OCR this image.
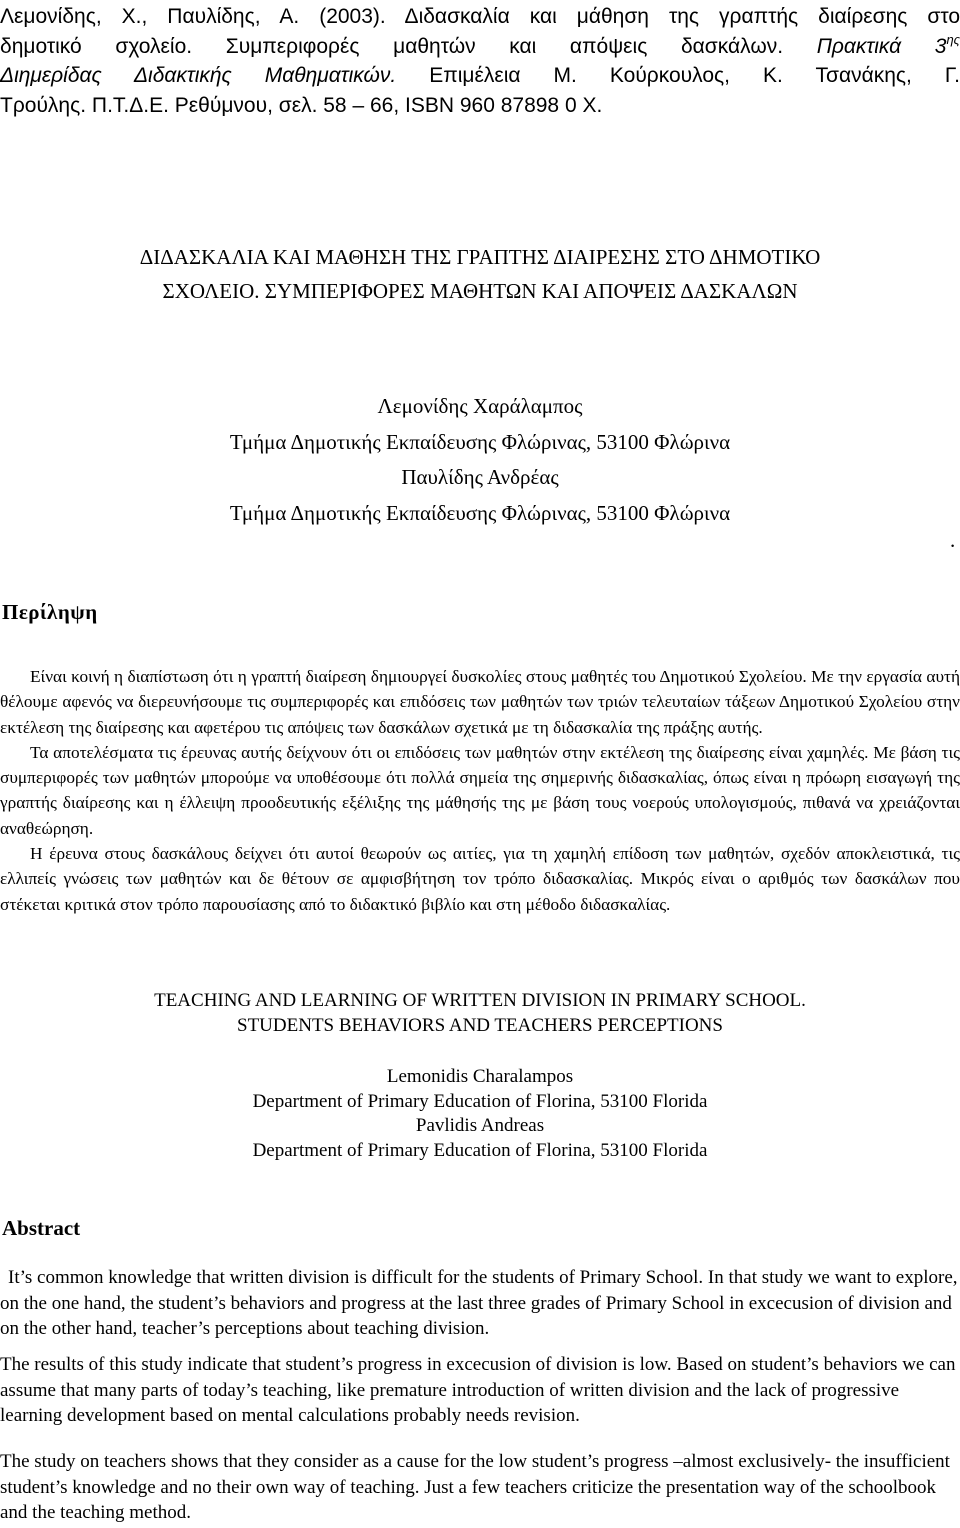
Λεμονίδης, Χ., Παυλίδης, Α. (2003). Διδασκαλία και μάθηση της γραπτής διαίρεσης στο
δημοτικό σχολείο. Συμπεριφορές μαθητών και απόψεις δασκάλων. Πρακτικά $3^{\eta\varsigma}$
Διημερίδας Διδακτικής Μαθηματικών. Επιμέλεια Μ. Κούρκουλος, Κ. Τσανάκης, Γ.
Τρούλης. Π.Τ.Δ.Ε. Ρεθύμνου, σελ. 58 – 66, ISBN 960 87898 0 Χ.
ΔΙΔΑΣΚΑΛΙΑ ΚΑΙ ΜΑΘΗΣΗ ΤΗΣ ΓΡΑΠΤΗΣ ΔΙΑΙΡΕΣΗΣ ΣΤΟ ΔΗΜΟΤΙΚΟ
ΣΧΟΛΕΙΟ. ΣΥΜΠΕΡΙΦΟΡΕΣ ΜΑΘΗΤΩΝ ΚΑΙ ΑΠΟΨΕΙΣ ΔΑΣΚΑΛΩΝ
Λεμονίδης Χαράλαμπος
Τμήμα Δημοτικής Εκπαίδευσης Φλώρινας, 53100 Φλώρινα
Παυλίδης Ανδρέας
Τμήμα Δημοτικής Εκπαίδευσης Φλώρινας, 53100 Φλώρινα
.
Περίληψη

Είναι κοινή η διαπίστωση ότι η γραπτή διαίρεση δημιουργεί δυσκολίες στους μαθητές του Δημοτικού Σχολείου. Με την εργασία αυτή θέλουμε αφενός να διερευνήσουμε τις συμπεριφορές και επιδόσεις των μαθητών των τριών τελευταίων τάξεων Δημοτικού Σχολείου στην εκτέλεση της διαίρεσης και αφετέρου τις απόψεις των δασκάλων σχετικά με τη διδασκαλία της πράξης αυτής.

Τα αποτελέσματα τις έρευνας αυτής δείχνουν ότι οι επιδόσεις των μαθητών στην εκτέλεση της διαίρεσης είναι χαμηλές. Με βάση τις συμπεριφορές των μαθητών μπορούμε να υποθέσουμε ότι πολλά σημεία της σημερινής διδασκαλίας, όπως είναι η πρόωρη εισαγωγή της γραπτής διαίρεσης και η έλλειψη προοδευτικής εξέλιξης της μάθησής της με βάση τους νοερούς υπολογισμούς, πιθανά να χρειάζονται αναθεώρηση.

Η έρευνα στους δασκάλους δείχνει ότι αυτοί θεωρούν ως αιτίες, για τη χαμηλή επίδοση των μαθητών, σχεδόν αποκλειστικά, τις ελλιπείς γνώσεις των μαθητών και δε θέτουν σε αμφισβήτηση τον τρόπο διδασκαλίας. Μικρός είναι ο αριθμός των δασκάλων που στέκεται κριτικά στον τρόπο παρουσίασης από το διδακτικό βιβλίο και στη μέθοδο διδασκαλίας.

TEACHING AND LEARNING OF WRITTEN DIVISION IN PRIMARY SCHOOL.
STUDENTS BEHAVIORS AND TEACHERS PERCEPTIONS
Lemonidis Charalampos
Department of Primary Education of Florina, 53100 Florida
Pavlidis Andreas
Department of Primary Education of Florina, 53100 Florida
Abstract

It’s common knowledge that written division is difficult for the students of Primary School. In that study we want to explore, on the one hand, the student’s behaviors and progress at the last three grades of Primary School in excecusion of division and on the other hand, teacher’s perceptions about teaching division.

The results of this study indicate that student’s progress in excecusion of division is low. Based on student’s behaviors we can assume that many parts of today’s teaching, like premature introduction of written division and the lack of progressive learning development based on mental calculations probably needs revision.

The study on teachers shows that they consider as a cause for the low student’s progress –almost exclusively- the insufficient student’s knowledge and no their own way of teaching. Just a few teachers criticize the presentation way of the schoolbook and the teaching method.
